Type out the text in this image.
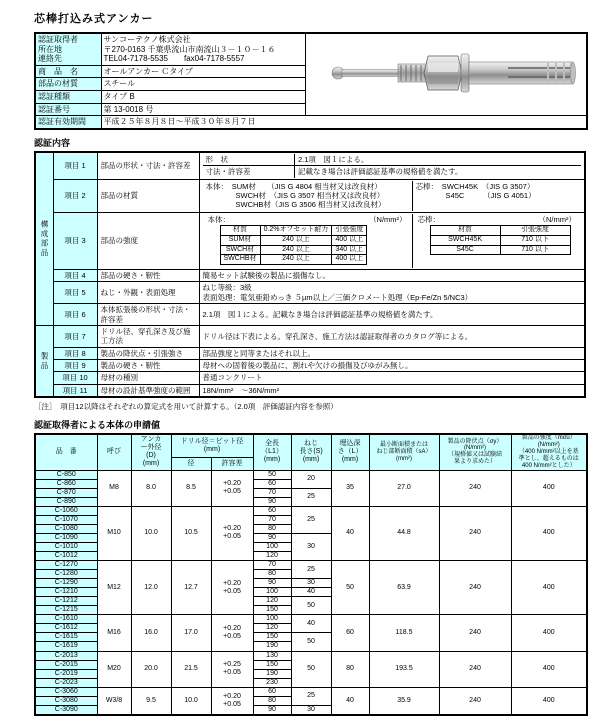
芯棒打込み式アンカー
認証取得者
所在地
連絡先	サンコーテクノ株式会社
〒270-0163 千葉県流山市南流山３－１０－１６
TEL04-7178-5535　　fax04-7178-5557	
商　品　名	オールアンカー Ｃタイプ	
部品の材質	スチール	
認証種類	タイプ B	
認証番号	第 13-0018 号	
認証有効期間	平成２５年８月８日～平成３０年８月７日	
認証内容
構成部品	項目 1	部品の形状・寸法・許容差	
形　状	2.1項　図１による。
寸法・許容差	記載なき場合は評価認証基準の規格値を満たす。

項目 2	部品の材質	
本体：　SUM材　　（JIS G 4804 相当材又は改良材）
　　　　SWCH材　（JIS G 3507 相当材又は改良材）
　　　　SWCHB材（JIS G 3506 相当材又は改良材）
芯棒：　SWCH45K　（JIS G 3507）
　　　　S45C　　　（JIS G 4051）

項目 3	部品の強度	
本体：	（N/mm²）
材質	0.2%オフセット耐力	引張強度
SUM材	240 以上	400 以上
SWCH材	240 以上	340 以上
SWCHB材	240 以上	400 以上
芯棒：	（N/mm²）
材質	引張強度
SWCH45K	710 以下
S45C	710 以下

項目 4	部品の硬さ・靭性	簡易セット試験後の製品に損傷なし。
項目 5	ねじ・外観・表面処理	ねじ等級：3級
表面処理：電気亜鉛めっき ５µm以上／三価クロメート処理（Ep-Fe/Zn 5/NC3）
項目 6	本体拡張後の形状・寸法・許容差	2.1項　図１による。記載なき場合は評価認証基準の規格値を満たす。
製品	項目 7	ドリル径、穿孔深さ及び施工方法	ドリル径は下表による。穿孔深さ、施工方法は認証取得者のカタログ等による。
項目 8	製品の降伏点・引張強さ	部品強度と同等またはそれ以上。
項目 9	製品の硬さ・靭性	母材への固着後の製品に、割れや欠けの損傷及びゆがみ無し。
項目 10	母材の種別	普通コンクリート
項目 11	母材の設計基準強度の範囲	18N/mm²　～36N/mm²
［注］　項目12以降はそれぞれの算定式を用いて計算する。（2.0項　評価認証内容を参照）
認証取得者による本体の申請値
品　番	呼び	アンカ
ー外径
(D)
(mm)	ドリル径＝ビット径
(mm)		全長
（L1）
(mm)	ねじ
長さ(S)
(mm)	埋込深
さ（L）
(mm)	最小断面積または
ねじ部断面積（sA）
(mm²)	製品の降伏点（σy）
(N/mm²)
（規格値又は試験結
果より求めた）	製品の強度（mσu）
(N/mm²)
（400 N/mm²以上を基
準とし、超えるものは
400 N/mm²とした）
			径	許容差						
C-850	M8	8.0	8.5	+0.20
+0.05	50	20	35	27.0	240	400
C-860					60					
C-870					70	25				
C-890					90					
C-1060	M10	10.0	10.5	+0.20
+0.05	60	25	40	44.8	240	400
C-1070					70					
C-1080					80					
C-1090					90	30				
C-1010					100					
C-1012					120					
C-1270	M12	12.0	12.7	+0.20
+0.05	70	25	50	63.9	240	400
C-1280					80					
C-1290					90	30				
C-1210					100	40				
C-1212					120	50				
C-1215					150					
C-1610	M16	16.0	17.0	+0.20
+0.05	100	40	60	118.5	240	400
C-1612					120					
C-1615					150	50				
C-1619					190					
C-2013	M20	20.0	21.5	+0.25
+0.05	130	50	80	193.5	240	400
C-2015					150					
C-2019					190					
C-2023					230					
C-3060	W3/8	9.5	10.0	+0.20
+0.05	60	25	40	35.9	240	400
C-3080					80					
C-3090					90	30				
